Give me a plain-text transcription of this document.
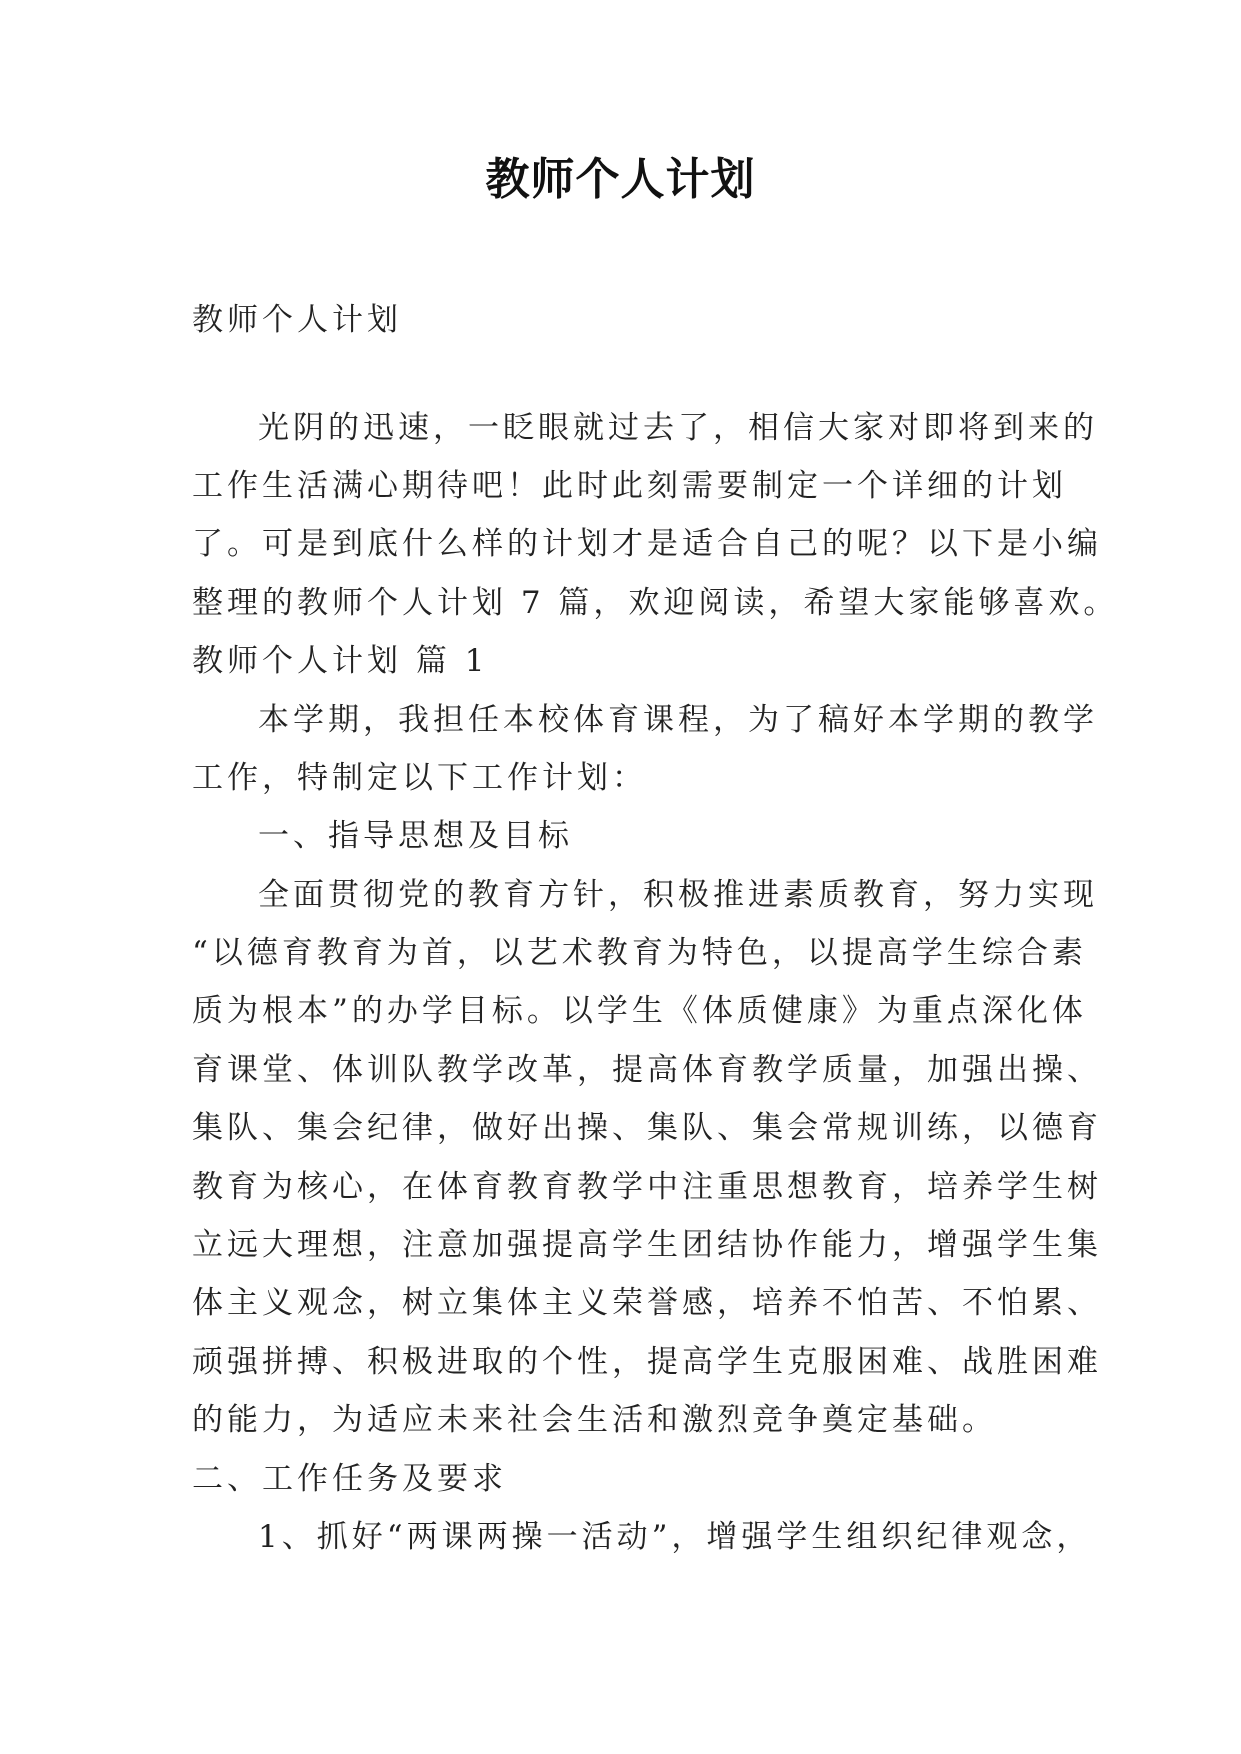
教师个人计划
教师个人计划
光阴的迅速，一眨眼就过去了，相信大家对即将到来的
工作生活满心期待吧！此时此刻需要制定一个详细的计划
了。可是到底什么样的计划才是适合自己的呢？以下是小编
整理的教师个人计划 7 篇，欢迎阅读，希望大家能够喜欢。
教师个人计划 篇 1
本学期，我担任本校体育课程，为了稿好本学期的教学
工作，特制定以下工作计划：
一、指导思想及目标
全面贯彻党的教育方针，积极推进素质教育，努力实现
“以德育教育为首，以艺术教育为特色，以提高学生综合素
质为根本”的办学目标。以学生《体质健康》为重点深化体
育课堂、体训队教学改革，提高体育教学质量，加强出操、
集队、集会纪律，做好出操、集队、集会常规训练，以德育
教育为核心，在体育教育教学中注重思想教育，培养学生树
立远大理想，注意加强提高学生团结协作能力，增强学生集
体主义观念，树立集体主义荣誉感，培养不怕苦、不怕累、
顽强拼搏、积极进取的个性，提高学生克服困难、战胜困难
的能力，为适应未来社会生活和激烈竞争奠定基础。
二、工作任务及要求
1、抓好“两课两操一活动”，增强学生组织纪律观念，
